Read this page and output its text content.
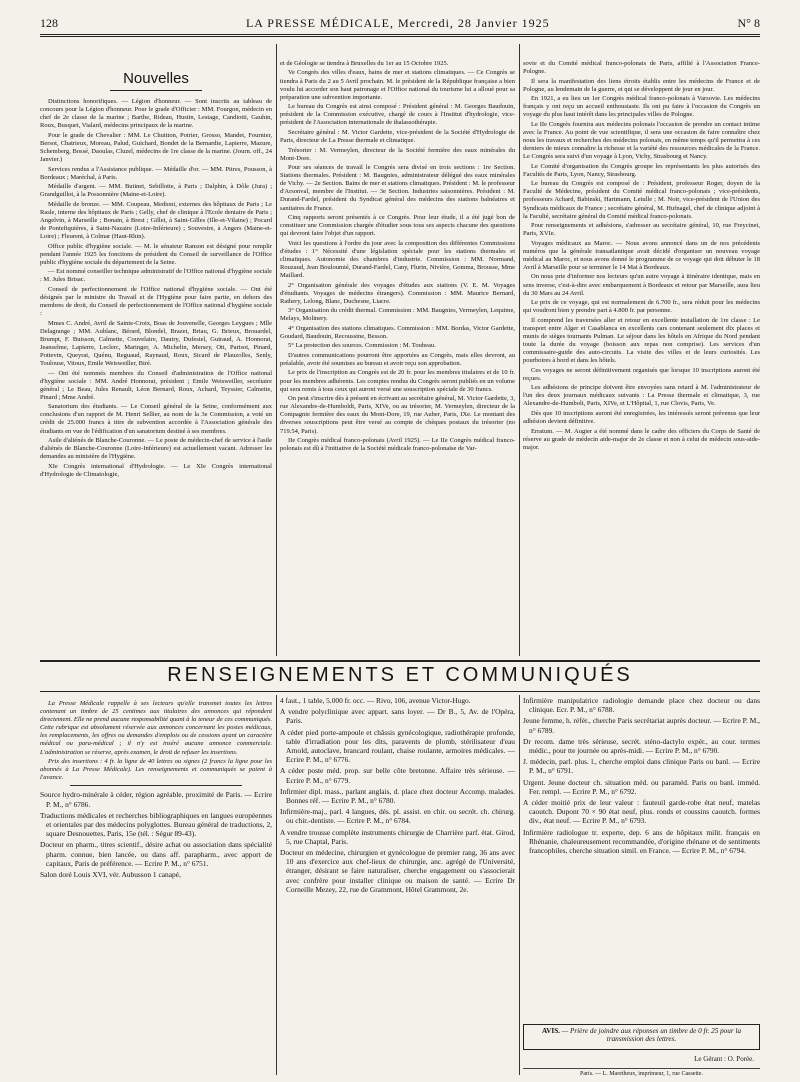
128	LA PRESSE MÉDICALE, Mercredi, 28 Janvier 1925	N° 8
Nouvelles

Distinctions honorifiques. — Légion d'honneur. — Sont inscrits au tableau de concours pour la Légion d'honneur. Pour le grade d'Officier : MM. Fourgon, médecin en chef de 2e classe de la marine ; Barthe, Rideau, Hustin, Lestage, Candiotti, Gauhin, Roux, Busquet, Vialard, médecins principaux de la marine.

Pour le grade de Chevalier : MM. Le Chuitton, Poirier, Grosso, Mandet, Fournier, Bersot, Chatrieux, Moreau, Palud, Guichard, Bondet de la Bernardie, Lapierre, Mazure, Schemberg, Bossé, Daoulas, Cluzel, médecins de 1re classe de la marine. (Journ. off., 24 Janvier.)

Services rendus a l'Assistance publique. — Médaille d'or. — MM. Pitres, Pousson, à Bordeaux ; Maréchal, à Paris.

Médaille d'argent. — MM. Butinet, Sebillotte, à Paris ; Dalphin, à Dôle (Jura) ; Grandguillot, à la Possonnière (Maine-et-Loire).

Médaille de bronze. — MM. Coupeau, Medioni, externes des hôpitaux de Paris ; Le Rasle, interne des hôpitaux de Paris ; Gelly, chef de clinique à l'Ecole dentaire de Paris ; Angelvin, à Marseille ; Bonain, à Brest ; Gillet, à Saint-Gilles (Ille-et-Vilaine) ; Pocard de Pontefiquières, à Saint-Nazaire (Loire-Inférieure) ; Souvestre, à Angers (Maine-et-Loire) ; Fleurent, à Colmar (Haut-Rhin).

Office public d'hygiène sociale. — M. le sénateur Ranson est désigné pour remplir pendant l'année 1925 les fonctions de président du Conseil de surveillance de l'Office public d'hygiène sociale du département de la Seine.

— Est nommé conseiller technique administratif de l'Office national d'hygiène sociale : M. Jules Brisac.

Conseil de perfectionnement de l'Office national d'hygiène sociale. — Ont été désignés par le ministre du Travail et de l'Hygiène pour faire partie, en dehors des membres de droit, du Conseil de perfectionnement de l'Office national d'hygiène sociale :

Mmes C. André, Avril de Sainte-Croix, Boas de Jouvenelle, Georges Leygues ; Mlle Delagrange ; MM. Aublanc, Bérard, Blondel, Brazet, Briau, G. Brieux, Brouardel, Brumpt, F. Buisson, Calmette, Couvelaire, Dautry, Dufestel, Guiraud, A. Honnorat, Jeanselme, Lapierre, Leclerc, Maringer, A. Michelin, Mersey, Ott, Parisot, Pinard, Pottevin, Queyrat, Quénu, Reguaud, Raynaud, Roux, Sicard de Plauzolles, Senly, Toulouse, Vitoux, Emile Weisweiller, Biré.

— Ont été nommés membres du Conseil d'administration de l'Office national d'hygiène sociale : MM. André Honnorat, président ; Emile Weisweiller, secrétaire général ; Le Beau, Jules Renault, Léon Bernard, Roux, Achard, Teyssier, Calmette, Pinard ; Mme André.

Sanatorium des étudiants. — Le Conseil général de la Seine, conformément aux conclusions d'un rapport de M. Henri Sellier, au nom de la 3e Commission, a voté un crédit de 25.000 francs à titre de subvention accordée à l'Association générale des étudiants en vue de l'édification d'un sanatorium destiné à ses membres.

Asile d'aliénés de Blanche-Couronne. — Le poste de médecin-chef de service à l'asile d'aliénés de Blanche-Couronne (Loire-Inférieure) est actuellement vacant. Adresser les demandes au ministère de l'Hygiène.

XIe Congrès international d'Hydrologie. — Le XIe Congrès international d'Hydrologie de Climatologie,

et de Géologie se tiendra à Bruxelles du 1er au 15 Octobre 1925.

Ve Congrès des villes d'eaux, bains de mer et stations climatiques. — Ce Congrès se tiendra à Paris du 2 au 5 Avril prochain. M. le président de la République française a bien voulu lui accorder son haut patronage et l'Office national du tourisme lui a alloué pour sa préparation une subvention importante.

Le bureau du Congrès est ainsi composé : Président général : M. Georges Baudouin, président de la Commission exécutive, chargé de cours à l'Institut d'hydrologie, vice-président de l'Association internationale de thalassothérapie.

Secrétaire général : M. Victor Gardette, vice-président de la Société d'Hydrologie de Paris, directeur de La Presse thermale et climatique.

Trésorier : M. Vermeylen, directeur de la Société fermière des eaux minérales du Mont-Dore.

Pour ses séances de travail le Congrès sera divisé en trois sections : 1re Section. Stations thermales. Président : M. Baugnies, administrateur délégué des eaux minérales de Vichy. — 2e Section. Bains de mer et stations climatiques. Président : M. le professeur d'Arsonval, membre de l'Institut. — 3e Section. Industries saisonnières. Président : M. Durand-Fardel, président du Syndicat général des médecins des stations balnéaires et sanitaires de France.

Cinq rapports seront présentés à ce Congrès. Pour leur étude, il a été jugé bon de constituer une Commission chargée d'étudier sous tous ses aspects chacune des questions qui devront faire l'objet d'un rapport.

Voici les questions à l'ordre du jour avec la composition des différentes Commissions d'études : 1° Nécessité d'une législation spéciale pour les stations thermales et climatiques. Autonomie des chambres d'industrie. Commission : MM. Normand, Rouzaud, Jean Bouloumié, Durand-Fardel, Cany, Flurin, Nivière, Gomma, Brousse, Mme Maillard.

2° Organisation générale des voyages d'études aux stations (V. E. M. Voyages d'étudiants. Voyages de médecins étrangers). Commission : MM. Maurice Bernard, Rathery, Lelong, Blanc, Duchesne, Liacre.

3° Organisation du crédit thermal. Commission : MM. Baugnies, Vermeylen, Lequime, Melays, Molinery.

4° Organisation des stations climatiques. Commission : MM. Bordas, Victor Gardette, Goudard, Baudouin, Recoussine, Besson.

5° La protection des sources. Commission : M. Toubeau.

D'autres communications pourront être apportées au Congrès, mais elles devront, au préalable, avoir été soumises au bureau et avoir reçu son approbation.

Le prix de l'inscription au Congrès est de 20 fr. pour les membres titulaires et de 10 fr. pour les membres adhérents. Les comptes rendus du Congrès seront publiés en un volume qui sera remis à tous ceux qui auront versé une souscription spéciale de 30 francs.

On peut s'inscrire dès à présent en écrivant au secrétaire général, M. Victor Gardette, 3, rue Alexandre-de-Humboldt, Paris, XIVe, ou au trésorier, M. Vermeylen, directeur de la Compagnie fermière des eaux du Mont-Dore, 19, rue Auber, Paris, IXe. Le montant des diverses souscriptions peut être versé au compte de chèques postaux du trésorier (no 719.54, Paris).

IIe Congrès médical franco-polonais (Avril 1925). — Le IIe Congrès médical franco-polonais est dû à l'initiative de la Société médicale franco-polonaise de Var-

sovie et du Comité médical franco-polonais de Paris, affilié à l'Association France-Pologne.

Il sera la manifestation des liens étroits établis entre les médecins de France et de Pologne, au lendemain de la guerre, et qui se développent de jour en jour.

En 1921, a eu lieu un 1er Congrès médical franco-polonais à Varsovie. Les médecins français y ont reçu un accueil enthousiaste. Ils ont pu faire à l'occasion du Congrès un voyage du plus haut intérêt dans les principales villes de Pologne.

Le IIe Congrès fournira aux médecins polonais l'occasion de prendre un contact intime avec la France. Au point de vue scientifique, il sera une occasion de faire connaître chez nous les travaux et recherches des médecins polonais, en même temps qu'il permettra à ces derniers de mieux connaître la richesse et la variété des ressources médicales de la France. Le Congrès sera suivi d'un voyage à Lyon, Vichy, Strasbourg et Nancy.

Le Comité d'organisation du Congrès groupe les représentants les plus autorisés des Facultés de Paris, Lyon, Nancy, Strasbourg.

Le bureau du Congrès est composé de : Président, professeur Roger, doyen de la Faculté de Médecine, président du Comité médical franco-polonais ; vice-présidents, professeurs Achard, Babinski, Hartmann, Letulle ; M. Noir, vice-président de l'Union des Syndicats médicaux de France ; secrétaire général, M. Hufnagel, chef de clinique adjoint à la Faculté, secrétaire général du Comité médical franco-polonais.

Pour renseignements et adhésions, s'adresser au secrétaire général, 10, rue Freycinet, Paris, XVIe.

Voyages médicaux au Maroc. — Nous avons annoncé dans un de nos précédents numéros que la générale transatlantique avait décidé d'organiser un nouveau voyage médical au Maroc, et nous avons donné le programme de ce voyage qui doit débuter le 18 Avril à Marseille pour se terminer le 14 Mai à Bordeaux.

On nous prie d'informer nos lecteurs qu'un autre voyage à itinéraire identique, mais en sens inverse, c'est-à-dire avec embarquement à Bordeaux et retour par Marseille, aura lieu du 30 Mars au 24 Avril.

Le prix de ce voyage, qui est normalement de 6.700 fr., sera réduit pour les médecins qui voudront bien y prendre part à 4.800 fr. par personne.

Il comprend les traversées aller et retour en excellente installation de 1re classe : Le transport entre Alger et Casablanca en excellents cars contenant seulement dix places et munis de sièges tournants Pulman. Le séjour dans les hôtels en Afrique du Nord pendant toute la durée du voyage (boisson aux repas non comprise). Les services d'un commissaire-guide des auto-circuits. La visite des villes et de leurs curiosités. Les pourboires à bord et dans les hôtels.

Ces voyages ne seront définitivement organisés que lorsque 10 inscriptions auront été reçues.

Les adhésions de principe doivent être envoyées sans retard à M. l'administrateur de l'un des deux journaux médicaux suivants : La Presse thermale et climatique, 3, rue Alexandre-de-Humbolt, Paris, XIVe, et L'Hôpital, 1, rue Clovis, Paris, Ve.

Dès que 10 inscriptions auront été enregistrées, les intéressés seront prévenus que leur adhésion devient définitive.

Erratum. — M. Augier a été nommé dans le cadre des officiers du Corps de Santé de réserve au grade de médecin aide-major de 2e classe et non à celui de médecin sous-aide-major.

RENSEIGNEMENTS ET COMMUNIQUÉS

La Presse Médicale rappelle à ses lecteurs qu'elle transmet toutes les lettres contenant un timbre de 25 centimes aux titulaires des annonces qui répondent directement. Elle ne prend aucune responsabilité quant à la teneur de ces communiqués. Cette rubrique est absolument réservée aux annonces concernant les postes médicaux, les remplacements, les offres ou demandes d'emplois ou de cessions ayant un caractère médical ou para-médical ; il n'y est inséré aucune annonce commerciale. L'administration se réserve, après examen, le droit de refuser les insertions.

Prix des insertions : 4 fr. la ligne de 40 lettres ou signes (2 francs la ligne pour les abonnés à La Presse Médicale). Les renseignements et communiqués se paient à l'avance.

Source hydro-minérale à céder, région agréable, proximité de Paris. — Ecrire P. M., n° 6786.

Traductions médicales et recherches bibliographiques en langues européennes et orientales par des médecins polyglottes. Bureau général de traductions, 2, square Desnouettes, Paris, 15e (tél. : Ségur 89-43).

Docteur en pharm., titres scientif., désire achat ou association dans spécialité pharm. connue, bien lancée, ou dans aff. parapharm., avec apport de capitaux, Paris de préférence. — Ecrire P. M., n° 6751.

Salon doré Louis XVI, vér. Aubusson 1 canapé,

4 faut., 1 table, 5.000 fr. occ. — Rivo, 106, avenue Victor-Hugo.

A vendre polyclinique avec appart. sans loyer. — Dr B., 5, Av. de l'Opéra, Paris.

A céder pied porte-ampoule et châssis gynécologique, radiothérapie profonde, table d'irradiation pour les dits, paravents de plomb, stérilisateur d'eau Arnold, autoclave, brancard roulant, chaise roulante, armoires médicales. — Ecrire P. M., n° 6776.

A céder poste méd. prop. sur belle côte bretonne. Affaire très sérieuse. — Ecrire P. M., n° 6779.

Infirmier dipl. mass., parlant anglais, d. place chez docteur Accomp. malades. Bonnes réf. — Ecrire P. M., n° 6780.

Infirmière-maj., parl. 4 langues, dés. pl. assist. en chir. ou secrét. ch. chirurg. ou chir.-dentiste. — Ecrire P. M., n° 6784.

A vendre trousse complète instruments chirurgie de Charrière parf. état. Girod, 5, rue Chaptal, Paris.

Docteur en médecine, chirurgien et gynécologue de premier rang, 36 ans avec 10 ans d'exercice aux chef-lieux de chirurgie, anc. agrégé de l'Université, étranger, désirant se faire naturaliser, cherche engagement ou s'associerait avec confrère pour installer clinique ou maison de santé. — Ecrire Dr Corneille Mezey, 22, rue de Grammont, Hôtel Grammont, 2e.

Infirmière manipulatrice radiologie demande place chez docteur ou dans clinique. Ecr. P. M., n° 6788.

Jeune femme, h. référ., cherche Paris secrétariat auprès docteur. — Ecrire P. M., n° 6789.

Dr recom. dame très sérieuse, secrét. sténo-dactylo expér., au cour. termes médic., pour tte journée ou après-midi. — Ecrire P. M., n° 6790.

J. médecin, parl. plus. l., cherche emploi dans clinique Paris ou banl. — Ecrire P. M., n° 6791.

Urgent. Jeune docteur ch. situation méd. ou paraméd. Paris ou banl. imméd. Fer. rempl. — Ecrire P. M., n° 6792.

A céder moitié prix de leur valeur : fauteuil garde-robe état neuf, matelas caoutch. Dupont 70 × 90 état neuf, plus. ronds et coussins caoutch. formes div., état neuf. — Ecrire P. M., n° 6793.

Infirmière radiologue tr. experte, dep. 6 ans de hôpitaux milit. français en Rhénanie, chaleureusement recommandée, d'origine rhénane et de sentiments francophiles, cherche situation simil. en France. — Ecrire P. M., n° 6794.

AVIS. — Prière de joindre aux réponses un timbre de 0 fr. 25 pour la transmission des lettres.
Le Gérant : O. Porée.
Paris. — L. Maretheux, imprimeur, 1, rue Cassette.
